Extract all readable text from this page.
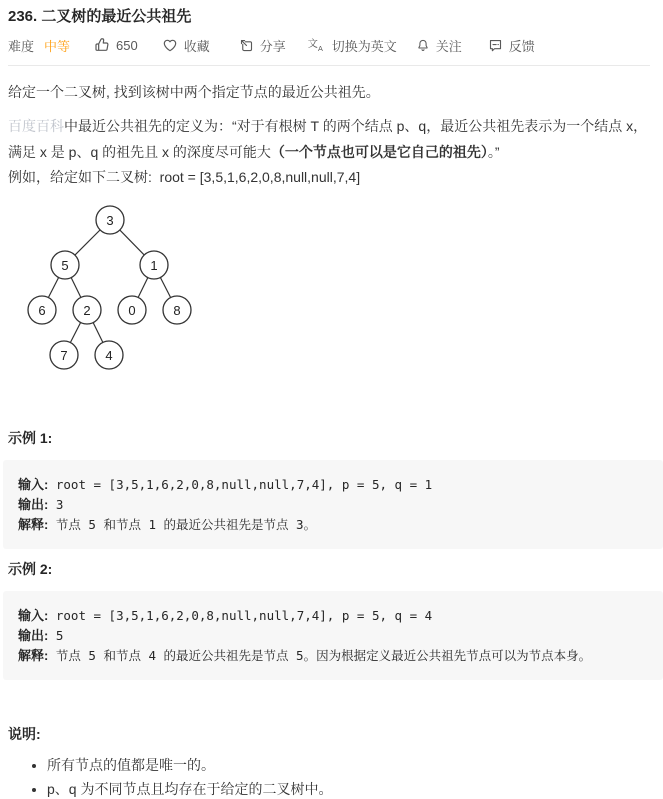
236. 二叉树的最近公共祖先
难度 中等	650	收藏	分享 文 A 切换为英文	关注	反馈

给定一个二叉树, 找到该树中两个指定节点的最近公共祖先。

百度百科中最近公共祖先的定义为：“对于有根树 T 的两个结点 p、q，最近公共祖先表示为一个结点 x，满足 x 是 p、q 的祖先且 x 的深度尽可能大（一个节点也可以是它自己的祖先）。”

例如，给定如下二叉树:  root = [3,5,1,6,2,0,8,null,null,7,4]

3
5	1
6	2	0	8
7	4
示例 1:
输入: root = [3,5,1,6,2,0,8,null,null,7,4], p = 5, q = 1
输出: 3
解释: 节点 5 和节点 1 的最近公共祖先是节点 3。
示例 2:
输入: root = [3,5,1,6,2,0,8,null,null,7,4], p = 5, q = 4
输出: 5
解释: 节点 5 和节点 4 的最近公共祖先是节点 5。因为根据定义最近公共祖先节点可以为节点本身。
说明:
• 所有节点的值都是唯一的。
• p、q 为不同节点且均存在于给定的二叉树中。
